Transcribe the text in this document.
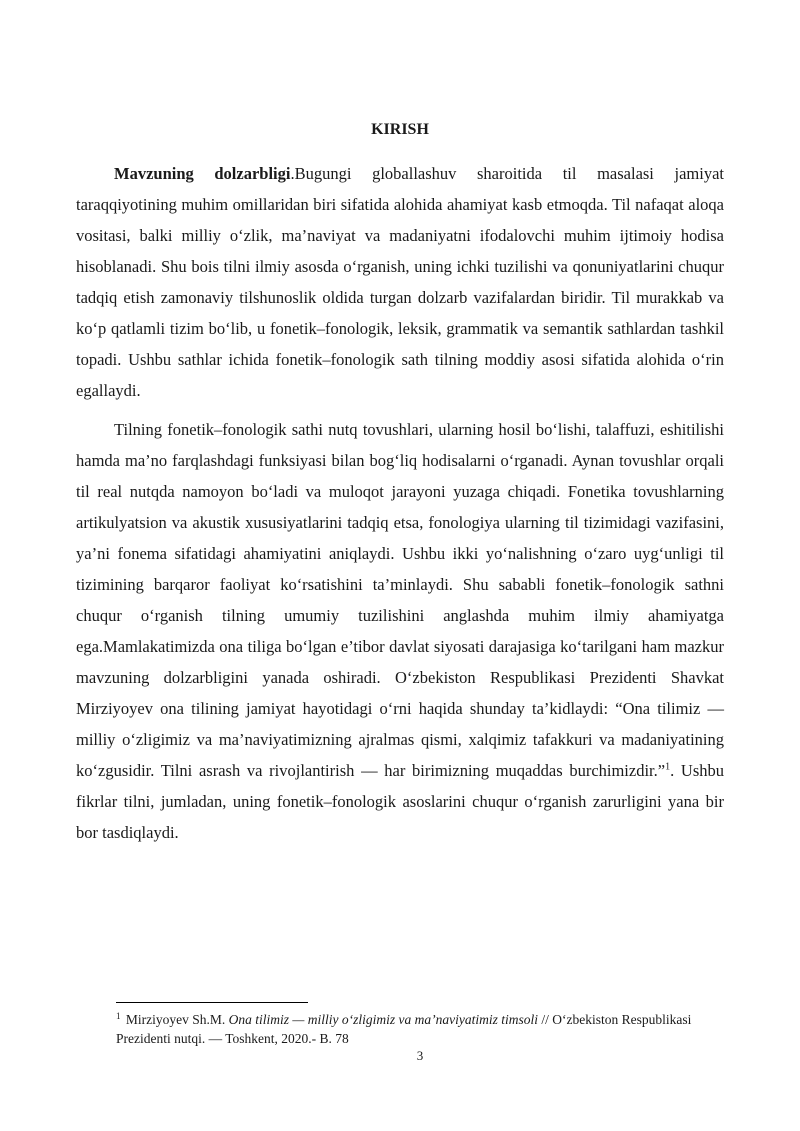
KIRISH

Mavzuning dolzarbligi.Bugungi globallashuv sharoitida til masalasi jamiyat taraqqiyotining muhim omillaridan biri sifatida alohida ahamiyat kasb etmoqda. Til nafaqat aloqa vositasi, balki milliy o‘zlik, ma’naviyat va madaniyatni ifodalovchi muhim ijtimoiy hodisa hisoblanadi. Shu bois tilni ilmiy asosda o‘rganish, uning ichki tuzilishi va qonuniyatlarini chuqur tadqiq etish zamonaviy tilshunoslik oldida turgan dolzarb vazifalardan biridir. Til murakkab va ko‘p qatlamli tizim bo‘lib, u fonetik–fonologik, leksik, grammatik va semantik sathlardan tashkil topadi. Ushbu sathlar ichida fonetik–fonologik sath tilning moddiy asosi sifatida alohida o‘rin egallaydi.

Tilning fonetik–fonologik sathi nutq tovushlari, ularning hosil bo‘lishi, talaffuzi, eshitilishi hamda ma’no farqlashdagi funksiyasi bilan bog‘liq hodisalarni o‘rganadi. Aynan tovushlar orqali til real nutqda namoyon bo‘ladi va muloqot jarayoni yuzaga chiqadi. Fonetika tovushlarning artikulyatsion va akustik xususiyatlarini tadqiq etsa, fonologiya ularning til tizimidagi vazifasini, ya’ni fonema sifatidagi ahamiyatini aniqlaydi. Ushbu ikki yo‘nalishning o‘zaro uyg‘unligi til tizimining barqaror faoliyat ko‘rsatishini ta’minlaydi. Shu sababli fonetik–fonologik sathni chuqur o‘rganish tilning umumiy tuzilishini anglashda muhim ilmiy ahamiyatga ega.Mamlakatimizda ona tiliga bo‘lgan e’tibor davlat siyosati darajasiga ko‘tarilgani ham mazkur mavzuning dolzarbligini yanada oshiradi. O‘zbekiston Respublikasi Prezidenti Shavkat Mirziyoyev ona tilining jamiyat hayotidagi o‘rni haqida shunday ta’kidlaydi: “Ona tilimiz — milliy o‘zligimiz va ma’naviyatimizning ajralmas qismi, xalqimiz tafakkuri va madaniyatining ko‘zgusidir. Tilni asrash va rivojlantirish — har birimizning muqaddas burchimizdir.”$^1$. Ushbu fikrlar tilni, jumladan, uning fonetik–fonologik asoslarini chuqur o‘rganish zarurligini yana bir bor tasdiqlaydi.

$^1$ Mirziyoyev Sh.M. Ona tilimiz — milliy o‘zligimiz va ma’naviyatimiz timsoli // O‘zbekiston Respublikasi Prezidenti nutqi. — Toshkent, 2020.- B. 78
3
